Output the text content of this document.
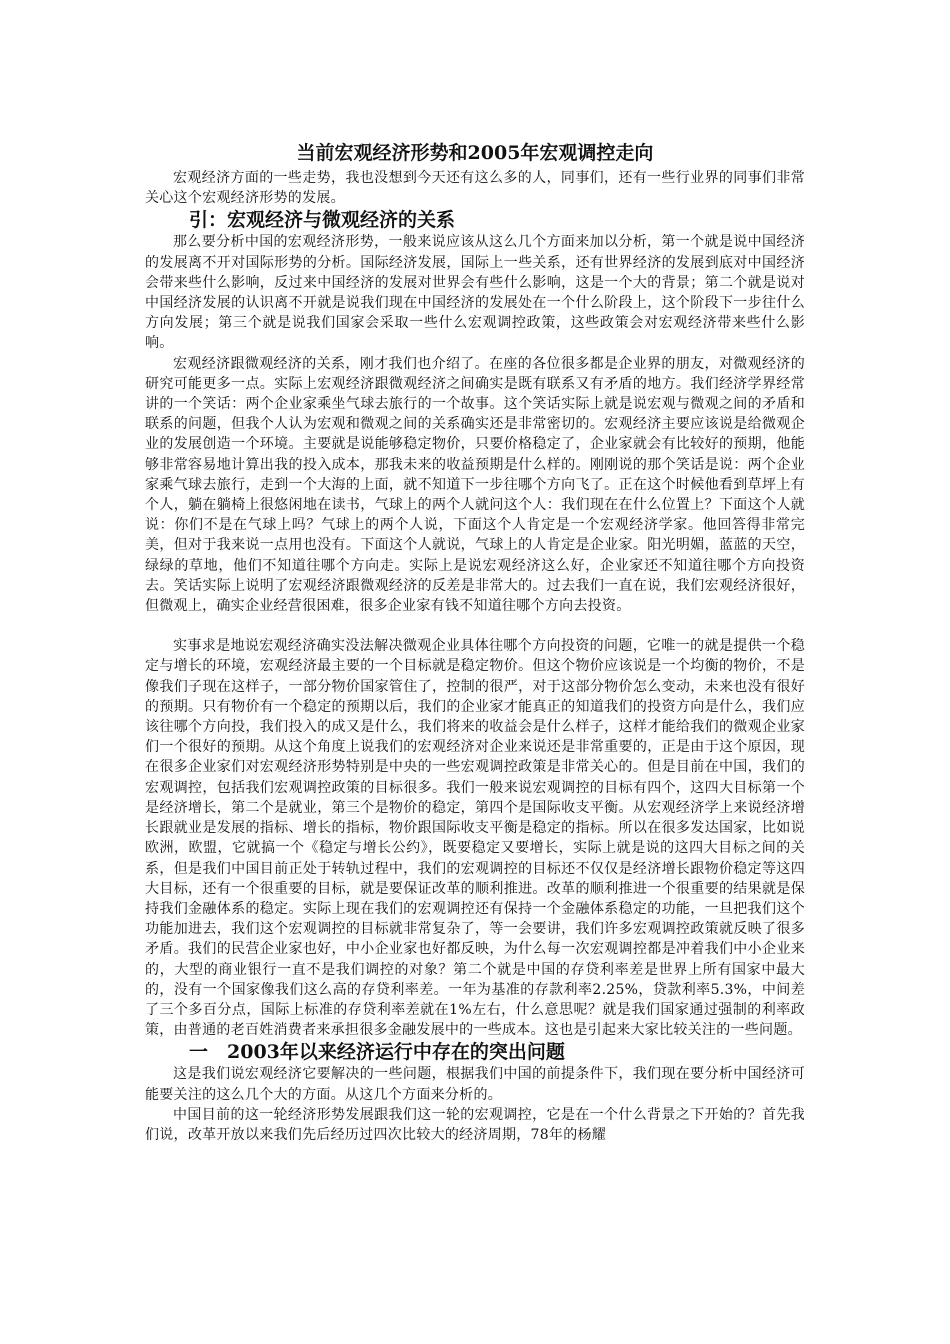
当前宏观经济形势和2005年宏观调控走向

宏观经济方面的一些走势，我也没想到今天还有这么多的人，同事们，还有一些行业界的同事们非常关心这个宏观经济形势的发展。

引：宏观经济与微观经济的关系

那么要分析中国的宏观经济形势，一般来说应该从这么几个方面来加以分析，第一个就是说中国经济的发展离不开对国际形势的分析。国际经济发展，国际上一些关系，还有世界经济的发展到底对中国经济会带来些什么影响，反过来中国经济的发展对世界会有些什么影响，这是一个大的背景；第二个就是说对中国经济发展的认识离不开就是说我们现在中国经济的发展处在一个什么阶段上，这个阶段下一步往什么方向发展；第三个就是说我们国家会采取一些什么宏观调控政策，这些政策会对宏观经济带来些什么影响。

宏观经济跟微观经济的关系，刚才我们也介绍了。在座的各位很多都是企业界的朋友，对微观经济的研究可能更多一点。实际上宏观经济跟微观经济之间确实是既有联系又有矛盾的地方。我们经济学界经常讲的一个笑话：两个企业家乘坐气球去旅行的一个故事。这个笑话实际上就是说宏观与微观之间的矛盾和联系的问题，但我个人认为宏观和微观之间的关系确实还是非常密切的。宏观经济主要应该说是给微观企业的发展创造一个环境。主要就是说能够稳定物价，只要价格稳定了，企业家就会有比较好的预期，他能够非常容易地计算出我的投入成本，那我未来的收益预期是什么样的。刚刚说的那个笑话是说：两个企业家乘气球去旅行，走到一个大海的上面，就不知道下一步往哪个方向飞了。正在这个时候他看到草坪上有个人，躺在躺椅上很悠闲地在读书，气球上的两个人就问这个人：我们现在在什么位置上？下面这个人就说：你们不是在气球上吗？气球上的两个人说，下面这个人肯定是一个宏观经济学家。他回答得非常完美，但对于我来说一点用也没有。下面这个人就说，气球上的人肯定是企业家。阳光明媚，蓝蓝的天空，绿绿的草地，他们不知道往哪个方向走。实际上是说宏观经济这么好，企业家还不知道往哪个方向投资去。笑话实际上说明了宏观经济跟微观经济的反差是非常大的。过去我们一直在说，我们宏观经济很好，但微观上，确实企业经营很困难，很多企业家有钱不知道往哪个方向去投资。

实事求是地说宏观经济确实没法解决微观企业具体往哪个方向投资的问题，它唯一的就是提供一个稳定与增长的环境，宏观经济最主要的一个目标就是稳定物价。但这个物价应该说是一个均衡的物价，不是像我们子现在这样子，一部分物价国家管住了，控制的很严，对于这部分物价怎么变动，未来也没有很好的预期。只有物价有一个稳定的预期以后，我们的企业家才能真正的知道我们的投资方向是什么，我们应该往哪个方向投，我们投入的成又是什么，我们将来的收益会是什么样子，这样才能给我们的微观企业家们一个很好的预期。从这个角度上说我们的宏观经济对企业来说还是非常重要的，正是由于这个原因，现在很多企业家们对宏观经济形势特别是中央的一些宏观调控政策是非常关心的。但是目前在中国，我们的宏观调控，包括我们宏观调控政策的目标很多。我们一般来说宏观调控的目标有四个，这四大目标第一个是经济增长，第二个是就业，第三个是物价的稳定，第四个是国际收支平衡。从宏观经济学上来说经济增长跟就业是发展的指标、增长的指标，物价跟国际收支平衡是稳定的指标。所以在很多发达国家，比如说欧洲，欧盟，它就搞一个《稳定与增长公约》，既要稳定又要增长，实际上就是说的这四大目标之间的关系，但是我们中国目前正处于转轨过程中，我们的宏观调控的目标还不仅仅是经济增长跟物价稳定等这四大目标，还有一个很重要的目标，就是要保证改革的顺利推进。改革的顺利推进一个很重要的结果就是保持我们金融体系的稳定。实际上现在我们的宏观调控还有保持一个金融体系稳定的功能，一旦把我们这个功能加进去，我们这个宏观调控的目标就非常复杂了，等一会要讲，我们许多宏观调控政策就反映了很多矛盾。我们的民营企业家也好，中小企业家也好都反映，为什么每一次宏观调控都是冲着我们中小企业来的，大型的商业银行一直不是我们调控的对象？第二个就是中国的存贷利率差是世界上所有国家中最大的，没有一个国家像我们这么高的存贷利率差。一年为基准的存款利率2.25%，贷款利率5.3%，中间差了三个多百分点，国际上标准的存贷利率差就在1%左右，什么意思呢？就是我们国家通过强制的利率政策，由普通的老百姓消费者来承担很多金融发展中的一些成本。这也是引起来大家比较关注的一些问题。

一　2003年以来经济运行中存在的突出问题

这是我们说宏观经济它要解决的一些问题，根据我们中国的前提条件下，我们现在要分析中国经济可能要关注的这么几个大的方面。从这几个方面来分析的。

中国目前的这一轮经济形势发展跟我们这一轮的宏观调控，它是在一个什么背景之下开始的？首先我们说，改革开放以来我们先后经历过四次比较大的经济周期，78年的杨耀
